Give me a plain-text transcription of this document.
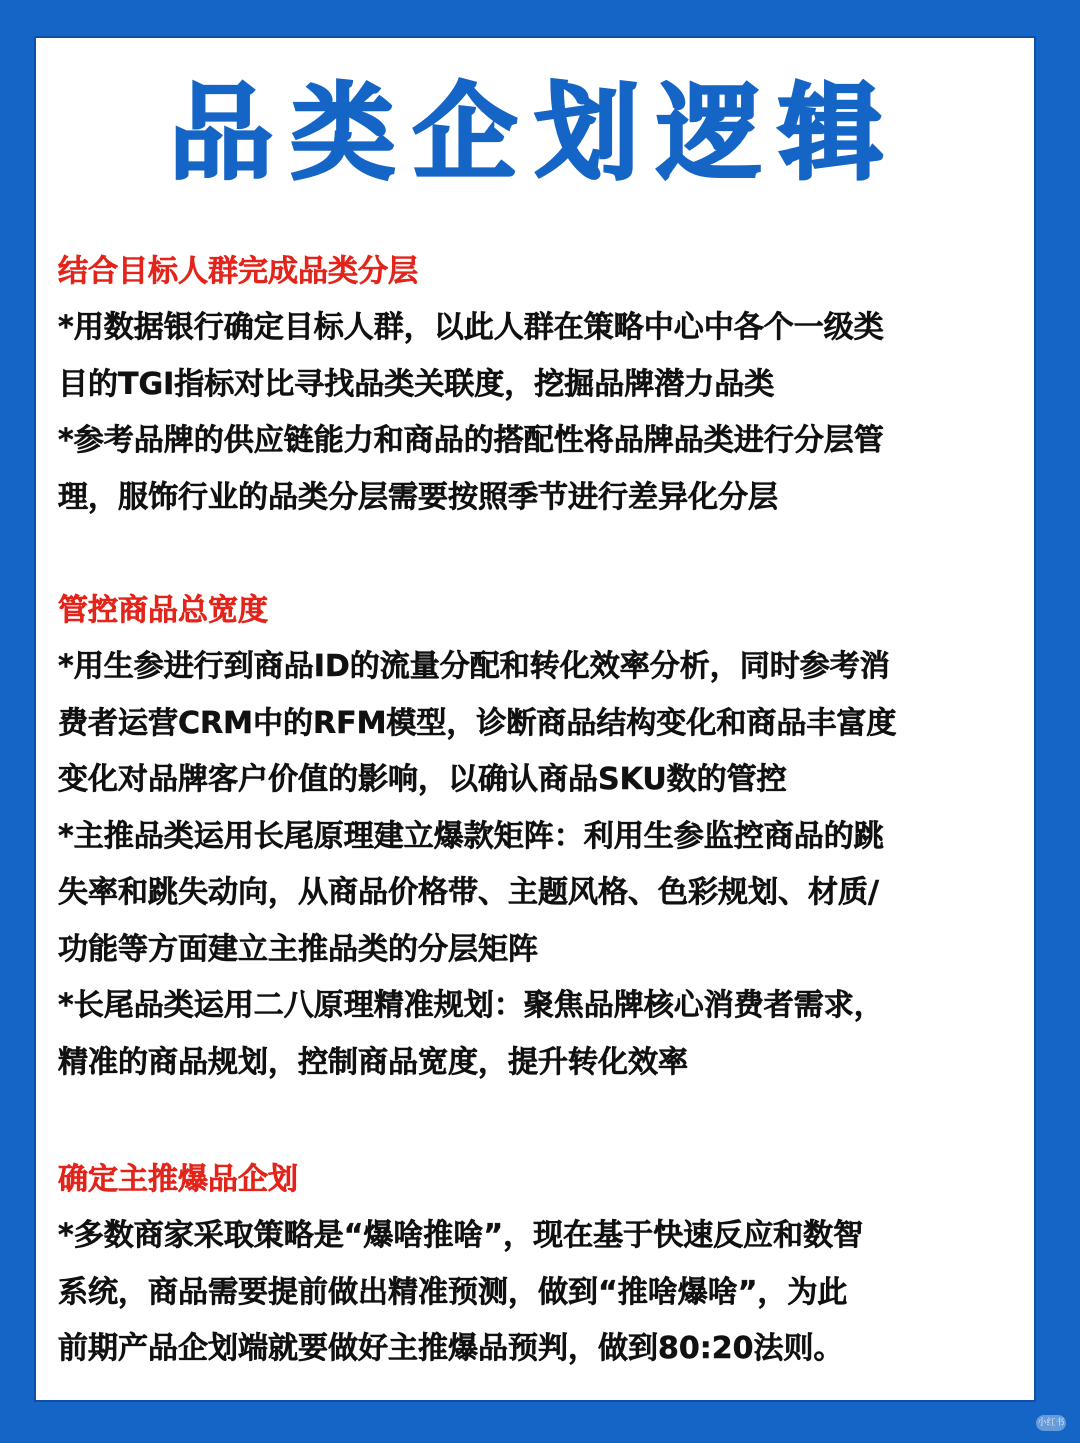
品类企划逻辑
结合目标人群完成品类分层
*用数据银行确定目标人群，以此人群在策略中心中各个一级类
目的TGI指标对比寻找品类关联度，挖掘品牌潜力品类
*参考品牌的供应链能力和商品的搭配性将品牌品类进行分层管
理，服饰行业的品类分层需要按照季节进行差异化分层
管控商品总宽度
*用生参进行到商品ID的流量分配和转化效率分析，同时参考消
费者运营CRM中的RFM模型，诊断商品结构变化和商品丰富度
变化对品牌客户价值的影响，以确认商品SKU数的管控
*主推品类运用长尾原理建立爆款矩阵：利用生参监控商品的跳
失率和跳失动向，从商品价格带、主题风格、色彩规划、材质/
功能等方面建立主推品类的分层矩阵
*长尾品类运用二八原理精准规划：聚焦品牌核心消费者需求，
精准的商品规划，控制商品宽度，提升转化效率
确定主推爆品企划
*多数商家采取策略是“爆啥推啥”，现在基于快速反应和数智
系统，商品需要提前做出精准预测，做到“推啥爆啥”，为此
前期产品企划端就要做好主推爆品预判，做到80:20法则。
小红书
